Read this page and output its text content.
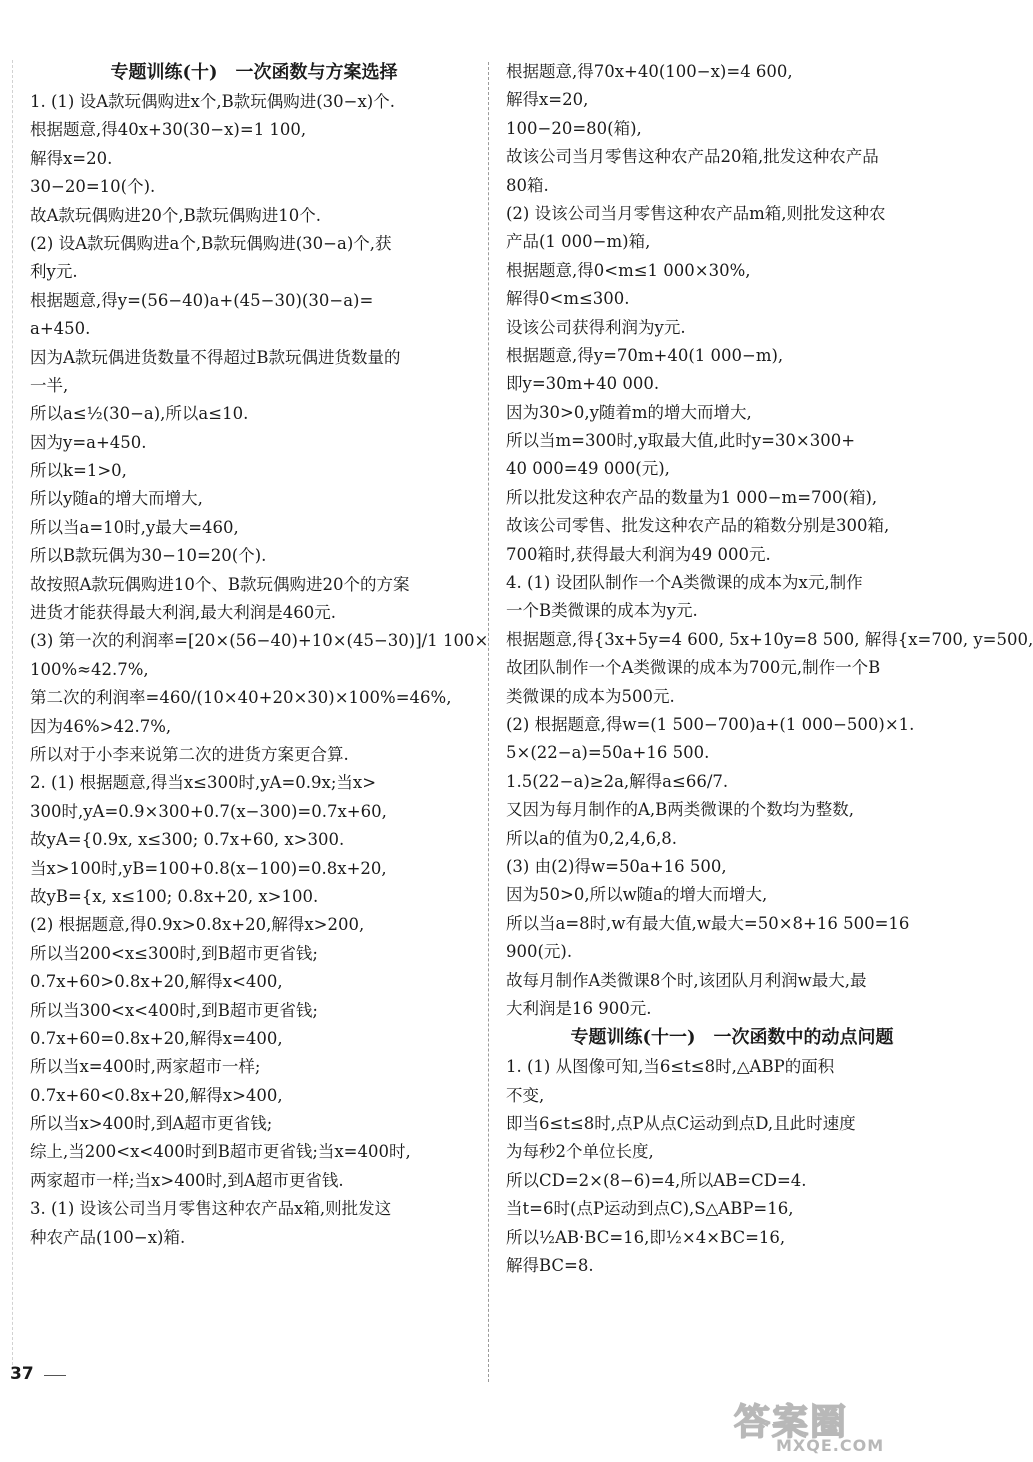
专题训练(十)　一次函数与方案选择
1. (1) 设A款玩偶购进x个,B款玩偶购进(30−x)个.
根据题意,得40x+30(30−x)=1 100,
解得x=20.
30−20=10(个).
故A款玩偶购进20个,B款玩偶购进10个.
(2) 设A款玩偶购进a个,B款玩偶购进(30−a)个,获
利y元.
根据题意,得y=(56−40)a+(45−30)(30−a)=
a+450.
因为A款玩偶进货数量不得超过B款玩偶进货数量的
一半,
所以a≤½(30−a),所以a≤10.
因为y=a+450.
所以k=1>0,
所以y随a的增大而增大,
所以当a=10时,y最大=460,
所以B款玩偶为30−10=20(个).
故按照A款玩偶购进10个、B款玩偶购进20个的方案
进货才能获得最大利润,最大利润是460元.
(3) 第一次的利润率=[20×(56−40)+10×(45−30)]/1 100×
100%≈42.7%,
第二次的利润率=460/(10×40+20×30)×100%=46%,
因为46%>42.7%,
所以对于小李来说第二次的进货方案更合算.
2. (1) 根据题意,得当x≤300时,yA=0.9x;当x>
300时,yA=0.9×300+0.7(x−300)=0.7x+60,
故yA={0.9x, x≤300; 0.7x+60, x>300.
当x>100时,yB=100+0.8(x−100)=0.8x+20,
故yB={x, x≤100; 0.8x+20, x>100.
(2) 根据题意,得0.9x>0.8x+20,解得x>200,
所以当200<x≤300时,到B超市更省钱;
0.7x+60>0.8x+20,解得x<400,
所以当300<x<400时,到B超市更省钱;
0.7x+60=0.8x+20,解得x=400,
所以当x=400时,两家超市一样;
0.7x+60<0.8x+20,解得x>400,
所以当x>400时,到A超市更省钱;
综上,当200<x<400时到B超市更省钱;当x=400时,
两家超市一样;当x>400时,到A超市更省钱.
3. (1) 设该公司当月零售这种农产品x箱,则批发这
种农产品(100−x)箱.
根据题意,得70x+40(100−x)=4 600,
解得x=20,
100−20=80(箱),
故该公司当月零售这种农产品20箱,批发这种农产品
80箱.
(2) 设该公司当月零售这种农产品m箱,则批发这种农
产品(1 000−m)箱,
根据题意,得0<m≤1 000×30%,
解得0<m≤300.
设该公司获得利润为y元.
根据题意,得y=70m+40(1 000−m),
即y=30m+40 000.
因为30>0,y随着m的增大而增大,
所以当m=300时,y取最大值,此时y=30×300+
40 000=49 000(元),
所以批发这种农产品的数量为1 000−m=700(箱),
故该公司零售、批发这种农产品的箱数分别是300箱,
700箱时,获得最大利润为49 000元.
4. (1) 设团队制作一个A类微课的成本为x元,制作
一个B类微课的成本为y元.
根据题意,得{3x+5y=4 600, 5x+10y=8 500, 解得{x=700, y=500,
故团队制作一个A类微课的成本为700元,制作一个B
类微课的成本为500元.
(2) 根据题意,得w=(1 500−700)a+(1 000−500)×1.
5×(22−a)=50a+16 500.
1.5(22−a)≥2a,解得a≤66/7.
又因为每月制作的A,B两类微课的个数均为整数,
所以a的值为0,2,4,6,8.
(3) 由(2)得w=50a+16 500,
因为50>0,所以w随a的增大而增大,
所以当a=8时,w有最大值,w最大=50×8+16 500=16
900(元).
故每月制作A类微课8个时,该团队月利润w最大,最
大利润是16 900元.
专题训练(十一)　一次函数中的动点问题
1. (1) 从图像可知,当6≤t≤8时,△ABP的面积
不变,
即当6≤t≤8时,点P从点C运动到点D,且此时速度
为每秒2个单位长度,
所以CD=2×(8−6)=4,所以AB=CD=4.
当t=6时(点P运动到点C),S△ABP=16,
所以½AB·BC=16,即½×4×BC=16,
解得BC=8.
37
答案圈
MXQE.COM
